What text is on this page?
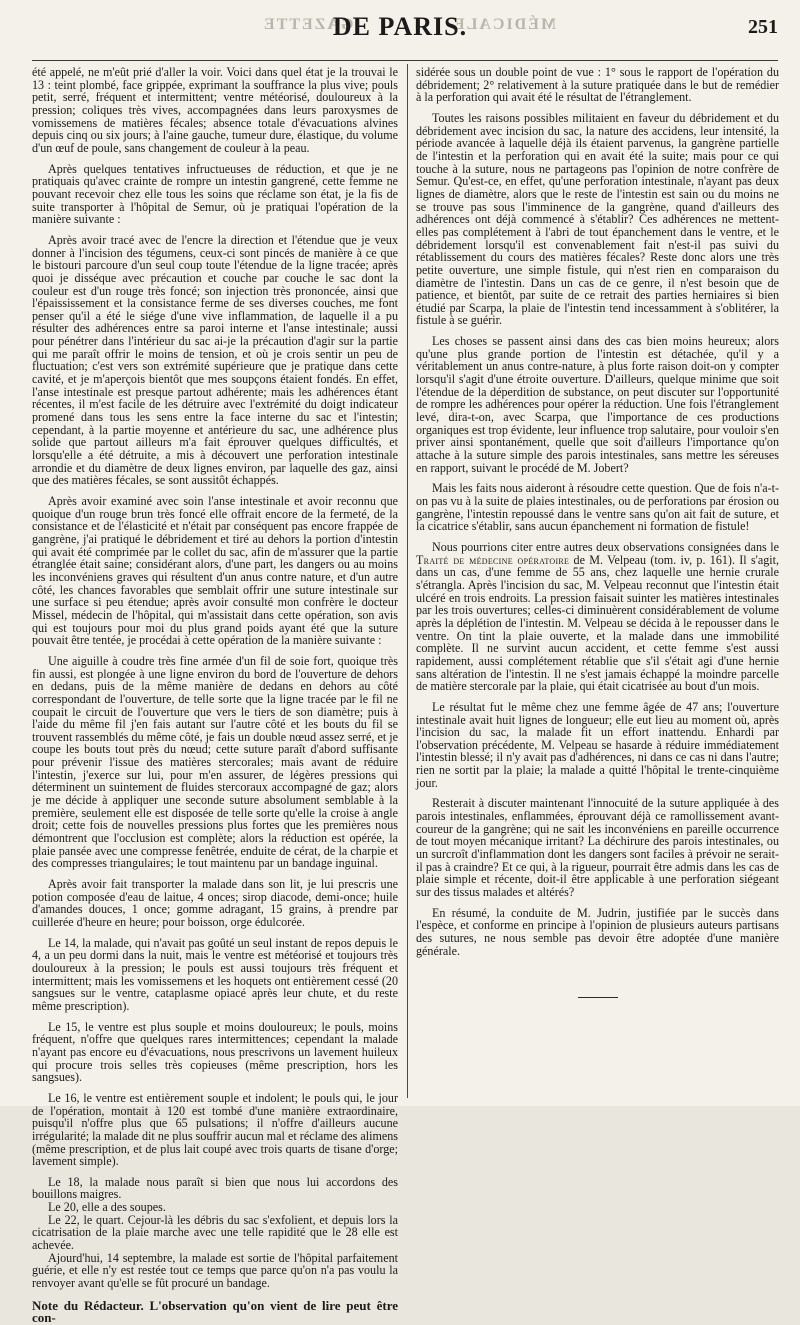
GAZETTE	MÉDICALE
DE PARIS.	251

été appelé, ne m'eût prié d'aller la voir. Voici dans quel état je la trouvai le 13 : teint plombé, face grippée, exprimant la souffrance la plus vive; pouls petit, serré, fréquent et intermittent; ventre météorisé, douloureux à la pression; coliques très vives, accompagnées dans leurs paroxysmes de vomissemens de matières fécales; absence totale d'évacuations alvines depuis cinq ou six jours; à l'aine gauche, tumeur dure, élastique, du volume d'un œuf de poule, sans changement de couleur à la peau.

Après quelques tentatives infructueuses de réduction, et que je ne pratiquais qu'avec crainte de rompre un intestin gangrené, cette femme ne pouvant recevoir chez elle tous les soins que réclame son état, je la fis de suite transporter à l'hôpital de Semur, où je pratiquai l'opération de la manière suivante :

Après avoir tracé avec de l'encre la direction et l'étendue que je veux donner à l'incision des tégumens, ceux-ci sont pincés de manière à ce que le bistouri parcoure d'un seul coup toute l'étendue de la ligne tracée; après quoi je disséque avec précaution et couche par couche le sac dont la couleur est d'un rouge très foncé; son injection très prononcée, ainsi que l'épaississement et la consistance ferme de ses diverses couches, me font penser qu'il a été le siége d'une vive inflammation, de laquelle il a pu résulter des adhérences entre sa paroi interne et l'anse intestinale; aussi pour pénétrer dans l'intérieur du sac ai-je la précaution d'agir sur la partie qui me paraît offrir le moins de tension, et où je crois sentir un peu de fluctuation; c'est vers son extrémité supérieure que je pratique dans cette cavité, et je m'aperçois bientôt que mes soupçons étaient fondés. En effet, l'anse intestinale est presque partout adhérente; mais les adhérences étant récentes, il m'est facile de les détruire avec l'extrémité du doigt indicateur promené dans tous les sens entre la face interne du sac et l'intestin; cependant, à la partie moyenne et antérieure du sac, une adhérence plus solide que partout ailleurs m'a fait éprouver quelques difficultés, et lorsqu'elle a été détruite, a mis à découvert une perforation intestinale arrondie et du diamètre de deux lignes environ, par laquelle des gaz, ainsi que des matières fécales, se sont aussitôt échappés.

Après avoir examiné avec soin l'anse intestinale et avoir reconnu que quoique d'un rouge brun très foncé elle offrait encore de la fermeté, de la consistance et de l'élasticité et n'était par conséquent pas encore frappée de gangrène, j'ai pratiqué le débridement et tiré au dehors la portion d'intestin qui avait été comprimée par le collet du sac, afin de m'assurer que la partie étranglée était saine; considérant alors, d'une part, les dangers ou au moins les inconvéniens graves qui résultent d'un anus contre nature, et d'un autre côté, les chances favorables que semblait offrir une suture intestinale sur une surface si peu étendue; après avoir consulté mon confrère le docteur Missel, médecin de l'hôpital, qui m'assistait dans cette opération, son avis qui est toujours pour moi du plus grand poids ayant été que la suture pouvait être tentée, je procédai à cette opération de la manière suivante :

Une aiguille à coudre très fine armée d'un fil de soie fort, quoique très fin aussi, est plongée à une ligne environ du bord de l'ouverture de dehors en dedans, puis de la même manière de dedans en dehors au côté correspondant de l'ouverture, de telle sorte que la ligne tracée par le fil ne coupait le circuit de l'ouverture que vers le tiers de son diamètre; puis à l'aide du même fil j'en fais autant sur l'autre côté et les bouts du fil se trouvent rassemblés du même côté, je fais un double nœud assez serré, et je coupe les bouts tout près du nœud; cette suture paraît d'abord suffisante pour prévenir l'issue des matières stercorales; mais avant de réduire l'intestin, j'exerce sur lui, pour m'en assurer, de légères pressions qui déterminent un suintement de fluides stercoraux accompagné de gaz; alors je me décide à appliquer une seconde suture absolument semblable à la première, seulement elle est disposée de telle sorte qu'elle la croise à angle droit; cette fois de nouvelles pressions plus fortes que les premières nous démontrent que l'occlusion est complète; alors la réduction est opérée, la plaie pansée avec une compresse fenêtrée, enduite de cérat, de la charpie et des compresses triangulaires; le tout maintenu par un bandage inguinal.

Après avoir fait transporter la malade dans son lit, je lui prescris une potion composée d'eau de laitue, 4 onces; sirop diacode, demi-once; huile d'amandes douces, 1 once; gomme adragant, 15 grains, à prendre par cuillerée d'heure en heure; pour boisson, orge édulcorée.

Le 14, la malade, qui n'avait pas goûté un seul instant de repos depuis le 4, a un peu dormi dans la nuit, mais le ventre est météorisé et toujours très douloureux à la pression; le pouls est aussi toujours très fréquent et intermittent; mais les vomissemens et les hoquets ont entièrement cessé (20 sangsues sur le ventre, cataplasme opiacé après leur chute, et du reste même prescription).

Le 15, le ventre est plus souple et moins douloureux; le pouls, moins fréquent, n'offre que quelques rares intermittences; cependant la malade n'ayant pas encore eu d'évacuations, nous prescrivons un lavement huileux qui procure trois selles très copieuses (même prescription, hors les sangsues).

Le 16, le ventre est entièrement souple et indolent; le pouls qui, le jour de l'opération, montait à 120 est tombé d'une manière extraordinaire, puisqu'il n'offre plus que 65 pulsations; il n'offre d'ailleurs aucune irrégularité; la malade dit ne plus souffrir aucun mal et réclame des alimens (même prescription, et de plus lait coupé avec trois quarts de tisane d'orge; lavement simple).

Le 18, la malade nous paraît si bien que nous lui accordons des bouillons maigres.

Le 20, elle a des soupes.

Le 22, le quart. Cejour-là les débris du sac s'exfolient, et depuis lors la cicatrisation de la plaie marche avec une telle rapidité que le 28 elle est achevée.

Ajourd'hui, 14 septembre, la malade est sortie de l'hôpital parfaitement guérie, et elle n'y est restée tout ce temps que parce qu'on n'a pas voulu la renvoyer avant qu'elle se fût procuré un bandage.

Note du Rédacteur. L'observation qu'on vient de lire peut être con-

sidérée sous un double point de vue : 1° sous le rapport de l'opération du débridement; 2° relativement à la suture pratiquée dans le but de remédier à la perforation qui avait été le résultat de l'étranglement.

Toutes les raisons possibles militaient en faveur du débridement et du débridement avec incision du sac, la nature des accidens, leur intensité, la période avancée à laquelle déjà ils étaient parvenus, la gangrène partielle de l'intestin et la perforation qui en avait été la suite; mais pour ce qui touche à la suture, nous ne partageons pas l'opinion de notre confrère de Semur. Qu'est-ce, en effet, qu'une perforation intestinale, n'ayant pas deux lignes de diamètre, alors que le reste de l'intestin est sain ou du moins ne se trouve pas sous l'imminence de la gangrène, quand d'ailleurs des adhérences ont déjà commencé à s'établir? Ces adhérences ne mettent-elles pas complétement à l'abri de tout épanchement dans le ventre, et le débridement lorsqu'il est convenablement fait n'est-il pas suivi du rétablissement du cours des matières fécales? Reste donc alors une très petite ouverture, une simple fistule, qui n'est rien en comparaison du diamètre de l'intestin. Dans un cas de ce genre, il n'est besoin que de patience, et bientôt, par suite de ce retrait des parties herniaires si bien étudié par Scarpa, la plaie de l'intestin tend incessamment à s'oblitérer, la fistule à se guérir.

Les choses se passent ainsi dans des cas bien moins heureux; alors qu'une plus grande portion de l'intestin est détachée, qu'il y a véritablement un anus contre-nature, à plus forte raison doit-on y compter lorsqu'il s'agit d'une étroite ouverture. D'ailleurs, quelque minime que soit l'étendue de la déperdition de substance, on peut discuter sur l'opportunité de rompre les adhérences pour opérer la réduction. Une fois l'étranglement levé, dira-t-on, avec Scarpa, que l'importance de ces productions organiques est trop évidente, leur influence trop salutaire, pour vouloir s'en priver ainsi spontanément, quelle que soit d'ailleurs l'importance qu'on attache à la suture simple des parois intestinales, sans mettre les séreuses en rapport, suivant le procédé de M. Jobert?

Mais les faits nous aideront à résoudre cette question. Que de fois n'a-t-on pas vu à la suite de plaies intestinales, ou de perforations par érosion ou gangrène, l'intestin repoussé dans le ventre sans qu'on ait fait de suture, et la cicatrice s'établir, sans aucun épanchement ni formation de fistule!

Nous pourrions citer entre autres deux observations consignées dans le Traité de médecine opératoire de M. Velpeau (tom. iv, p. 161). Il s'agit, dans un cas, d'une femme de 55 ans, chez laquelle une hernie crurale s'étrangla. Après l'incision du sac, M. Velpeau reconnut que l'intestin était ulcéré en trois endroits. La pression faisait suinter les matières intestinales par les trois ouvertures; celles-ci diminuèrent considérablement de volume après la déplétion de l'intestin. M. Velpeau se décida à le repousser dans le ventre. On tint la plaie ouverte, et la malade dans une immobilité complète. Il ne survint aucun accident, et cette femme s'est aussi rapidement, aussi complétement rétablie que s'il s'était agi d'une hernie sans altération de l'intestin. Il ne s'est jamais échappé la moindre parcelle de matière stercorale par la plaie, qui était cicatrisée au bout d'un mois.

Le résultat fut le même chez une femme âgée de 47 ans; l'ouverture intestinale avait huit lignes de longueur; elle eut lieu au moment où, après l'incision du sac, la malade fit un effort inattendu. Enhardi par l'observation précédente, M. Velpeau se hasarde à réduire immédiatement l'intestin blessé; il n'y avait pas d'adhérences, ni dans ce cas ni dans l'autre; rien ne sortit par la plaie; la malade a quitté l'hôpital le trente-cinquième jour.

Resterait à discuter maintenant l'innocuité de la suture appliquée à des parois intestinales, enflammées, éprouvant déjà ce ramollissement avant-coureur de la gangrène; qui ne sait les inconvéniens en pareille occurrence de tout moyen mécanique irritant? La déchirure des parois intestinales, ou un surcroît d'inflammation dont les dangers sont faciles à prévoir ne serait-il pas à craindre? Et ce qui, à la rigueur, pourrait être admis dans les cas de plaie simple et récente, doit-il être applicable à une perforation siégeant sur des tissus malades et altérés?

En résumé, la conduite de M. Judrin, justifiée par le succès dans l'espèce, et conforme en principe à l'opinion de plusieurs auteurs partisans des sutures, ne nous semble pas devoir être adoptée d'une manière générale.
